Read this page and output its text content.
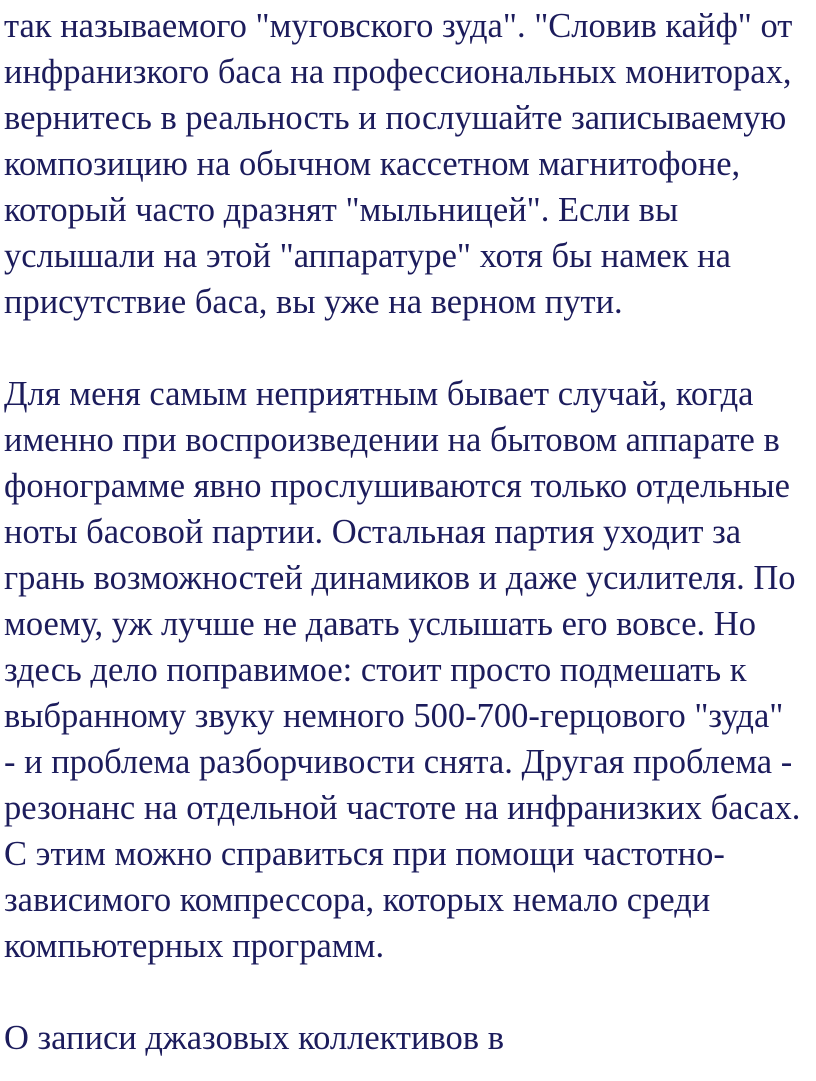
так называемого "муговского зуда". "Словив кайф" от
инфранизкого баса на профессиональных мониторах,
вернитесь в реальность и послушайте записываемую
композицию на обычном кассетном магнитофоне,
который часто дразнят "мыльницей". Если вы
услышали на этой "аппаратуре" хотя бы намек на
присутствие баса, вы уже на верном пути.
Для меня самым неприятным бывает случай, когда
именно при воспроизведении на бытовом аппарате в
фонограмме явно прослушиваются только отдельные
ноты басовой партии. Остальная партия уходит за
грань возможностей динамиков и даже усилителя. По
моему, уж лучше не давать услышать его вовсе. Но
здесь дело поправимое: стоит просто подмешать к
выбранному звуку немного 500-700-герцового "зуда"
- и проблема разборчивости снята. Другая проблема -
резонанс на отдельной частоте на инфранизких басах.
С этим можно справиться при помощи частотно-
зависимого компрессора, которых немало среди
компьютерных программ.
О записи джазовых коллективов в
